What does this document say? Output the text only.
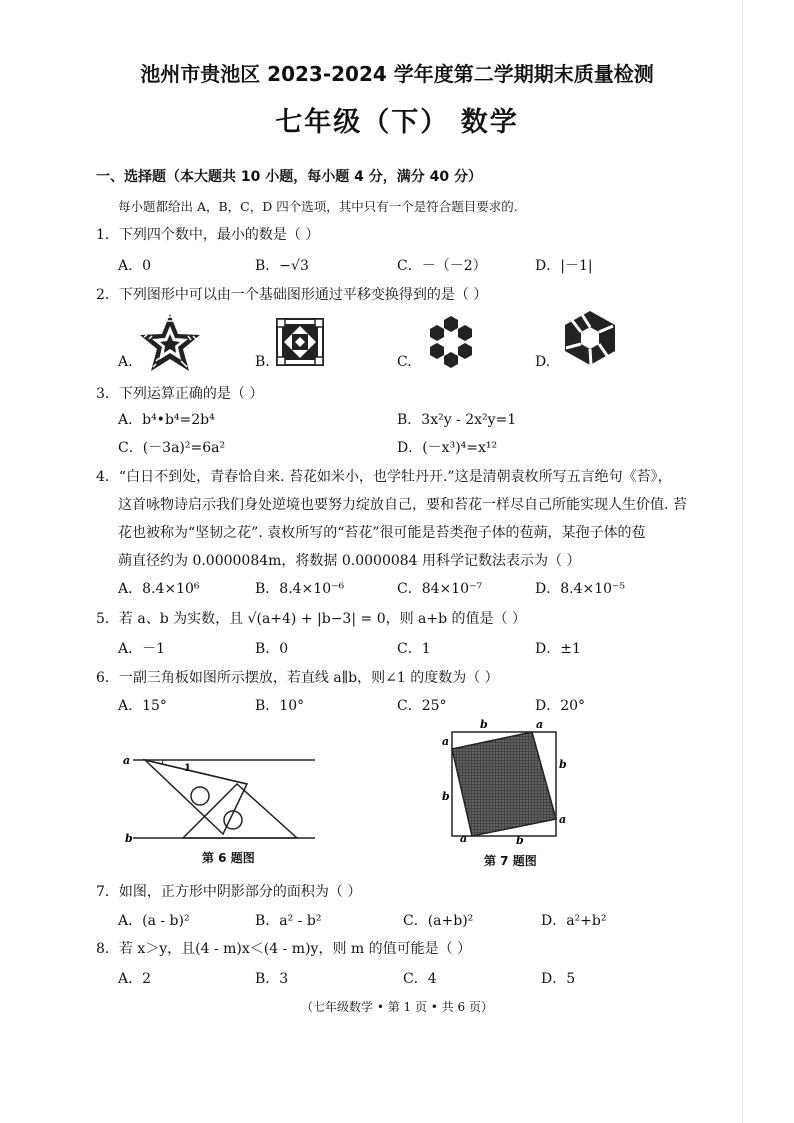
池州市贵池区 2023-2024 学年度第二学期期末质量检测
七年级（下） 数学
一、选择题（本大题共 10 小题，每小题 4 分，满分 40 分）
每小题都给出 A，B，C，D 四个选项，其中只有一个是符合题目要求的.
1．下列四个数中，最小的数是（ ）
A．0	B．−√3	C．－（－2）	D．|－1|
2．下列图形中可以由一个基础图形通过平移变换得到的是（ ）
A.	B.	C.	D.
3．下列运算正确的是（ ）
A．b⁴•b⁴=2b⁴	B．3x²y - 2x²y=1
C．(－3a)²=6a²	D．(－x³)⁴=x¹²
4．“白日不到处，青春恰自来. 苔花如米小，也学牡丹开.”这是清朝袁枚所写五言绝句《苔》，
这首咏物诗启示我们身处逆境也要努力绽放自己，要和苔花一样尽自己所能实现人生价值. 苔
花也被称为“坚韧之花”. 袁枚所写的“苔花”很可能是苔类孢子体的苞蒴，某孢子体的苞
蒴直径约为 0.0000084m，将数据 0.0000084 用科学记数法表示为（ ）
A．8.4×10⁶	B．8.4×10⁻⁶	C．84×10⁻⁷	D．8.4×10⁻⁵
5．若 a、b 为实数，且 √(a+4) + |b−3| = 0，则 a+b 的值是（ ）
A．－1	B．0	C．1	D．±1
6．一副三角板如图所示摆放，若直线 a∥b，则∠1 的度数为（ ）
A．15°	B．10°	C．25°	D．20°
a
b
1
第 6 题图
b	a
a
b
b
a
a	b
第 7 题图
7．如图，正方形中阴影部分的面积为（ ）
A．(a - b)²	B．a² - b²	C．(a+b)²	D．a²+b²
8．若 x＞y，且(4 - m)x＜(4 - m)y，则 m 的值可能是（ ）
A．2	B．3	C．4	D．5
（七年级数学 • 第 1 页 • 共 6 页）
